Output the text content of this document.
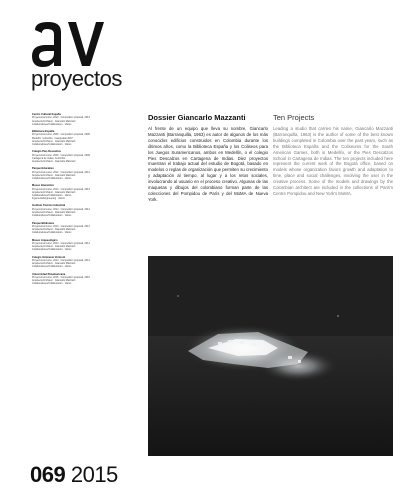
proyectos
Centro Cultural España

Proyecto/concurso, 2013 · Competition proposal, 2013

Arquitecto/Architect · Giancarlo Mazzanti

Colaboradores/Collaborators · Varios

Biblioteca España

Proyecto/concurso, 2005 · Competition proposal, 2005

Medellín, Colombia · Inaugurado 2007

Arquitecto/Architect · Giancarlo Mazzanti

Colaboradores/Collaborators · Varios

Colegio Pies Descalzos

Proyecto/concurso, 2009 · Competition proposal, 2009

Cartagena de Indias, Colombia

Arquitecto/Architect · Giancarlo Mazzanti

Parque Educativo

Proyecto/concurso, 2012 · Competition proposal, 2012

Arquitecto/Architect · Giancarlo Mazzanti

Colaboradores/Collaborators · Varios

Museo Interactivo

Proyecto/concurso, 2013 · Competition proposal, 2013

Arquitecto/Architect · Giancarlo Mazzanti

Colaboradores/Collaborators · Varios

Ingeniería/Engineering · Varios

Instituto Técnico Industrial

Proyecto/concurso, 2014 · Competition proposal, 2014

Arquitecto/Architect · Giancarlo Mazzanti

Colaboradores/Collaborators · Varios

Parque Biblioteca

Proyecto/concurso, 2014 · Competition proposal, 2014

Arquitecto/Architect · Giancarlo Mazzanti

Colaboradores/Collaborators · Varios

Museo Arqueológico

Proyecto/concurso, 2014 · Competition proposal, 2014

Arquitecto/Architect · Giancarlo Mazzanti

Colaboradores/Collaborators · Varios

Colegio Gimnasio Vermont

Proyecto/concurso, 2014 · Competition proposal, 2014

Arquitecto/Architect · Giancarlo Mazzanti

Colaboradores/Collaborators · Varios

Universidad Panamericana

Proyecto/concurso, 2015 · Competition proposal, 2015

Arquitecto/Architect · Giancarlo Mazzanti

Colaboradores/Collaborators · Varios

Dossier Giancarlo Mazzanti
Al frente de un equipo que lleva su nombre, Giancarlo Mazzanti (Barranquilla, 1963) es autor de algunos de los más conocidos edificios construidos en Colombia durante los últimos años, como la Biblioteca España y los Coliseos para los Juegos Suramericanos, ambos en Medellín, o el colegio Pies Descalzos en Cartagena de Indias. Diez proyectos muestran el trabajo actual del estudio de Bogotá, basado en modelos o reglas de organización que permiten su crecimiento y adaptación al tiempo, al lugar y a los retos sociales, involucrando al usuario en el proceso creativo. Algunas de las maquetas y dibujos del colombiano forman parte de las colecciones del Pompidou de París y del MoMA de Nueva York.
Ten Projects
Leading a studio that carries his name, Giancarlo Mazzanti (Barranquilla, 1963) is the author of some of the best known buildings completed in Colombia over the past years, such as the Biblioteca España and the Coliseums for the South American Games, both in Medellín, or the Pies Descalzos School in Cartagena de Indias. The ten projects included here represent the current work of the Bogotá office, based on models whose organization favors growth and adaptation to time, place and social challenges, involving the user in the creative process. Some of the models and drawings by the Colombian architect are included in the collections of Paris's Centre Pompidou and New York's MoMA.
069 2015
